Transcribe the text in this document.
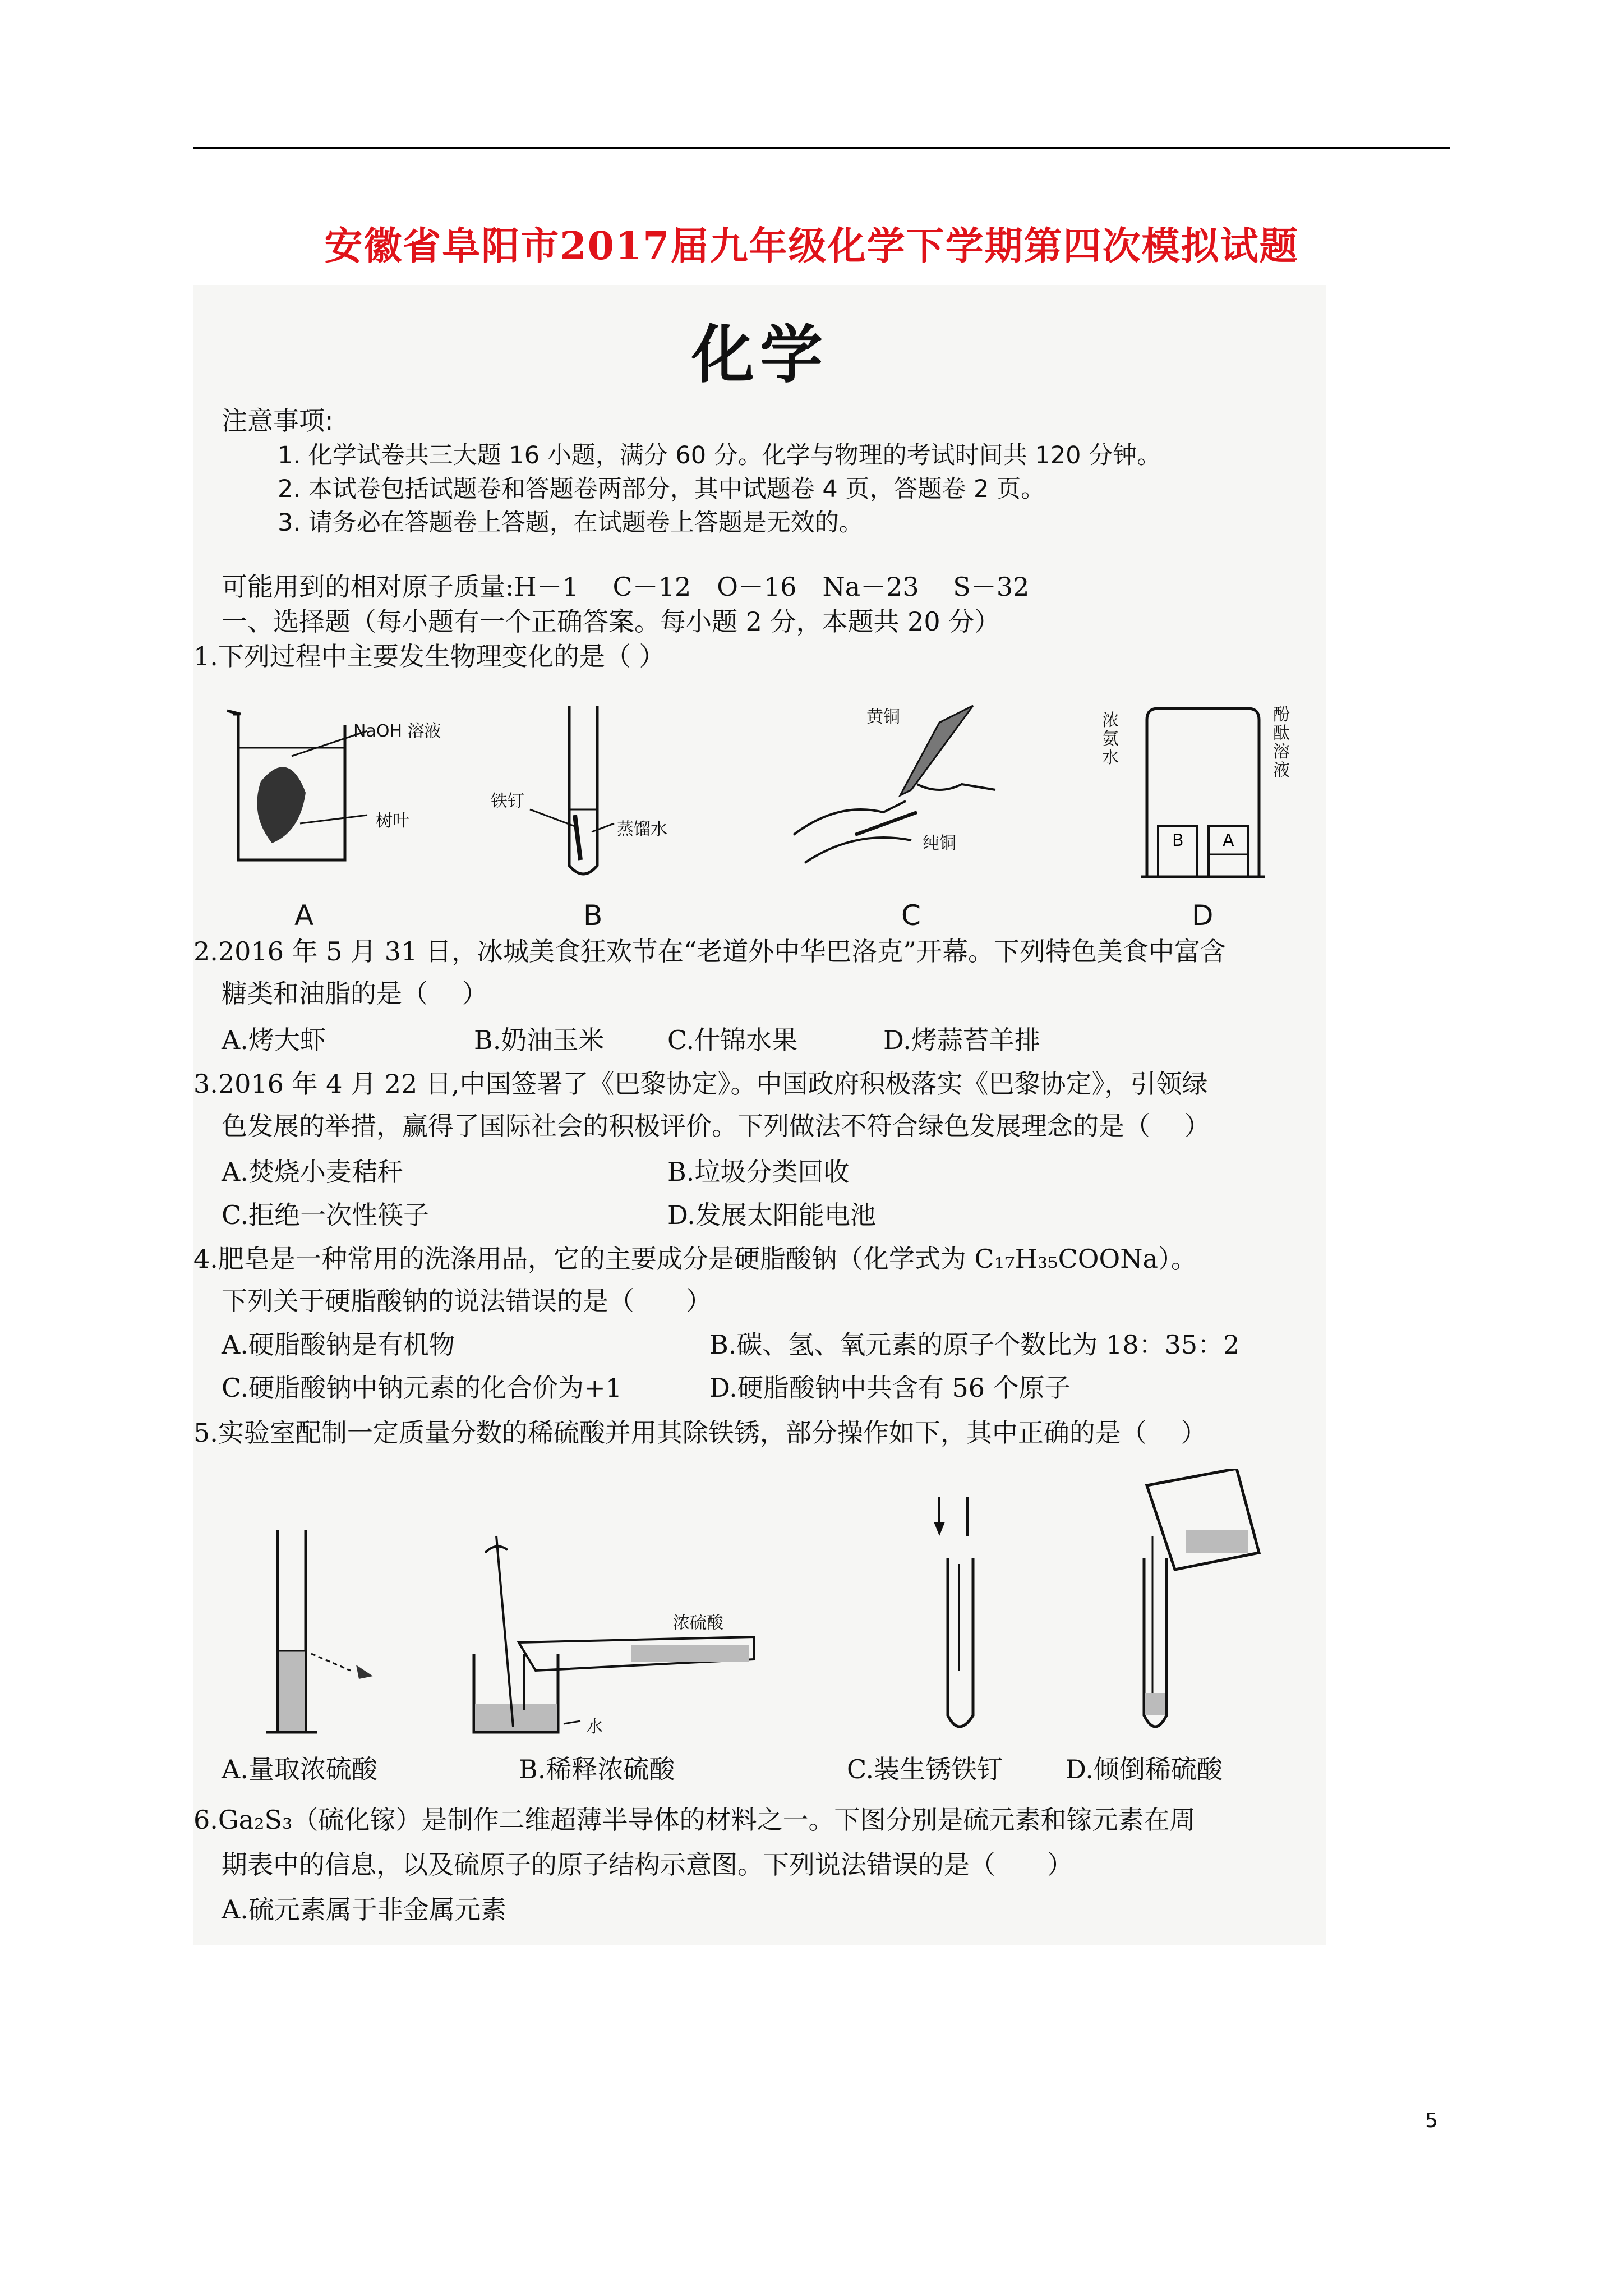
安徽省阜阳市2017届九年级化学下学期第四次模拟试题
化学
注意事项:
1. 化学试卷共三大题 16 小题，满分 60 分。化学与物理的考试时间共 120 分钟。
2. 本试卷包括试题卷和答题卷两部分，其中试题卷 4 页，答题卷 2 页。
3. 请务必在答题卷上答题，在试题卷上答题是无效的。
可能用到的相对原子质量:H－1　 C－12　O－16　Na－23　 S－32
一、选择题（每小题有一个正确答案。每小题 2 分，本题共 20 分）
1.下列过程中主要发生物理变化的是（ ）
NaOH 溶液
树叶
A
铁钉
蒸馏水
B
黄铜
纯铜
C
B A
浓氨水
酚酞溶液
D
2.2016 年 5 月 31 日，冰城美食狂欢节在“老道外中华巴洛克”开幕。下列特色美食中富含
糖类和油脂的是（　 ）
A.烤大虾	B.奶油玉米 C.什锦水果	D.烤蒜苔羊排
3.2016 年 4 月 22 日,中国签署了《巴黎协定》。中国政府积极落实《巴黎协定》，引领绿
色发展的举措，赢得了国际社会的积极评价。下列做法不符合绿色发展理念的是（　 ）
A.焚烧小麦秸秆	B.垃圾分类回收
C.拒绝一次性筷子	D.发展太阳能电池
4.肥皂是一种常用的洗涤用品，它的主要成分是硬脂酸钠（化学式为 C₁₇H₃₅COONa）。
下列关于硬脂酸钠的说法错误的是（　　）
A.硬脂酸钠是有机物	B.碳、氢、氧元素的原子个数比为 18：35：2
C.硬脂酸钠中钠元素的化合价为+1	D.硬脂酸钠中共含有 56 个原子
5.实验室配制一定质量分数的稀硫酸并用其除铁锈，部分操作如下，其中正确的是（　 ）
A.量取浓硫酸
浓硫酸
水
B.稀释浓硫酸	C.装生锈铁钉 D.倾倒稀硫酸
6.Ga₂S₃（硫化镓）是制作二维超薄半导体的材料之一。下图分别是硫元素和镓元素在周
期表中的信息，以及硫原子的原子结构示意图。下列说法错误的是（　　）
A.硫元素属于非金属元素
5
